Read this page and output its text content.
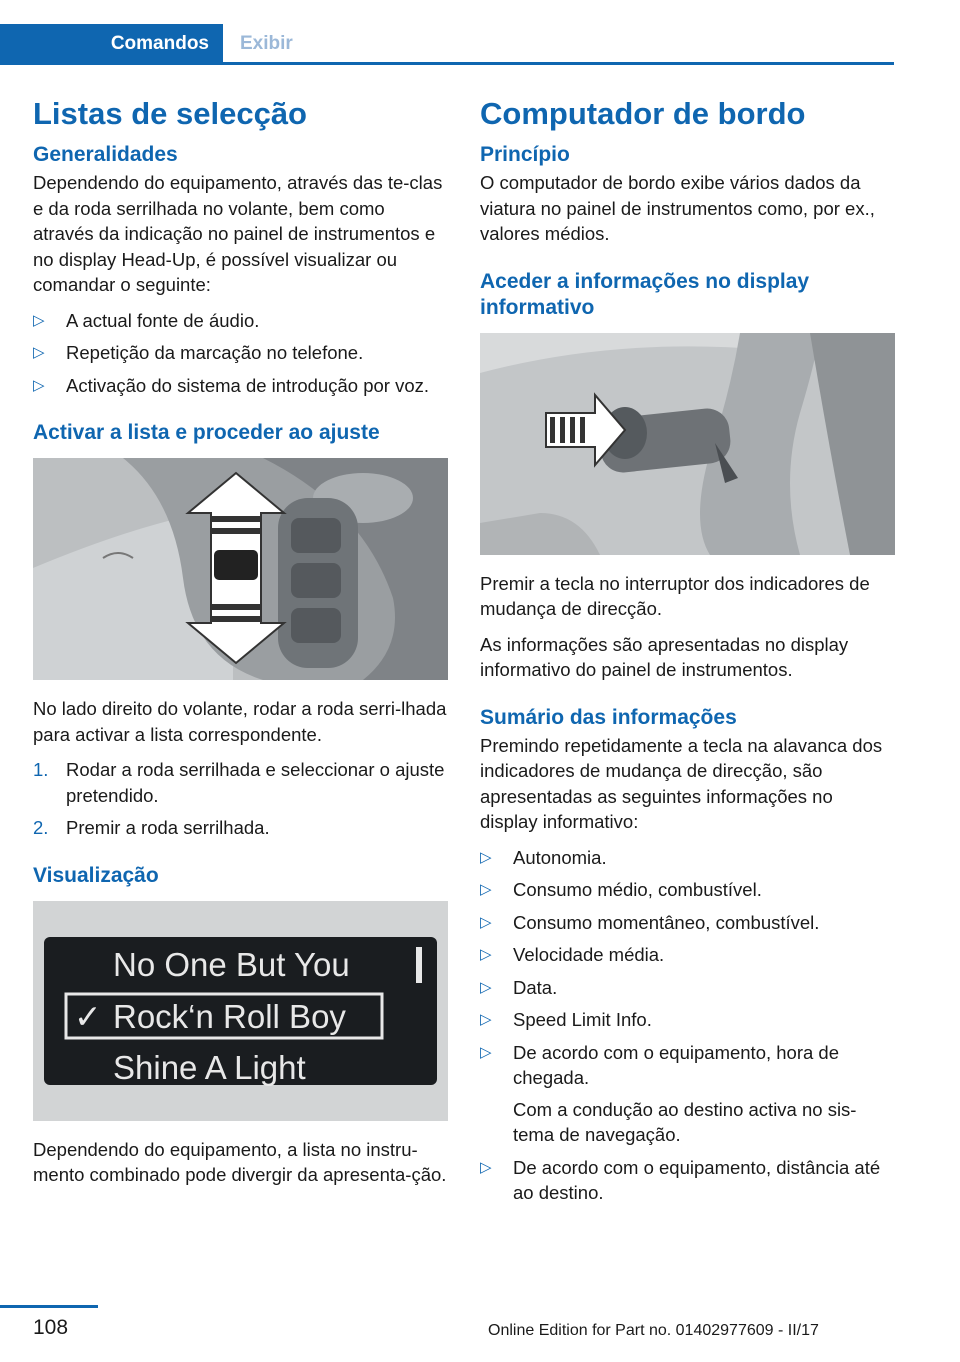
Comandos Exibir
Listas de selecção
Generalidades

Dependendo do equipamento, através das te-clas e da roda serrilhada no volante, bem como através da indicação no painel de instrumentos e no display Head-Up, é possível visualizar ou comandar o seguinte:

▷ A actual fonte de áudio.
▷ Repetição da marcação no telefone.
▷ Activação do sistema de introdução por voz.
Activar a lista e proceder ao ajuste

No lado direito do volante, rodar a roda serri-lhada para activar a lista correspondente.

1. Rodar a roda serrilhada e seleccionar o ajuste pretendido.
2. Premir a roda serrilhada.
Visualização
No One But You
✓ Rock‘n Roll Boy
Shine A Light

Dependendo do equipamento, a lista no instru-mento combinado pode divergir da apresenta-ção.

Computador de bordo
Princípio

O computador de bordo exibe vários dados da viatura no painel de instrumentos como, por ex., valores médios.

Aceder a informações no display informativo

Premir a tecla no interruptor dos indicadores de mudança de direcção.

As informações são apresentadas no display informativo do painel de instrumentos.

Sumário das informações

Premindo repetidamente a tecla na alavanca dos indicadores de mudança de direcção, são apresentadas as seguintes informações no display informativo:

▷ Autonomia.
▷ Consumo médio, combustível.
▷ Consumo momentâneo, combustível.
▷ Velocidade média.
▷ Data.
▷ Speed Limit Info.
▷ De acordo com o equipamento, hora de chegada.
Com a condução ao destino activa no sis-tema de navegação.
▷ De acordo com o equipamento, distância até ao destino.
108	Online Edition for Part no. 01402977609 - II/17
